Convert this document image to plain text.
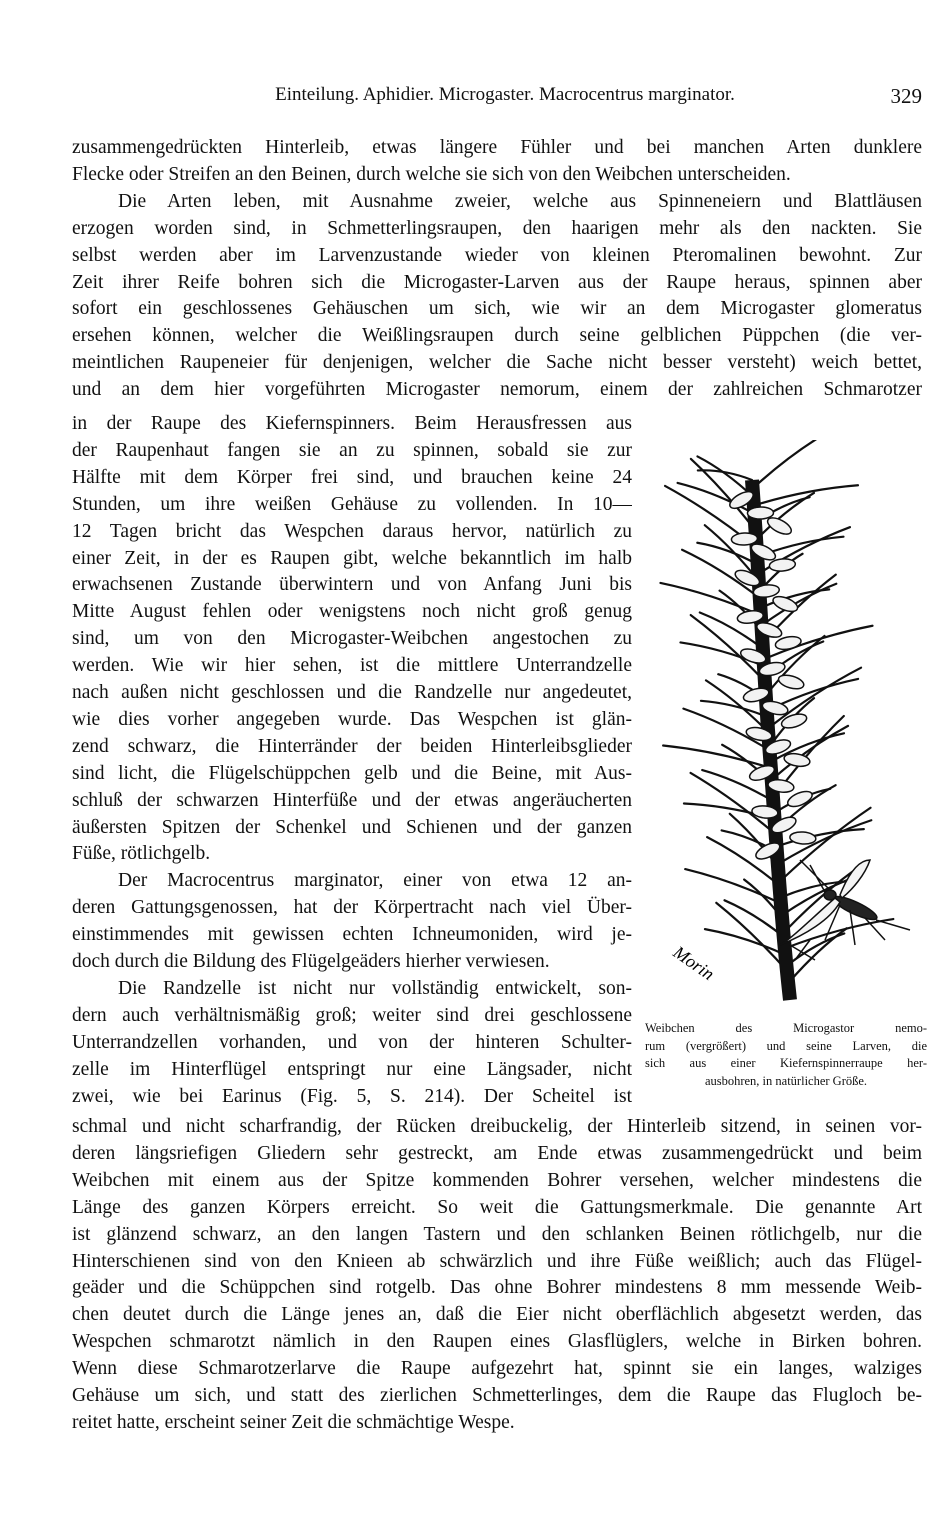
Einteilung. Aphidier. Microgaster. Macrocentrus marginator.	329
zusammengedrückten Hinterleib, etwas längere Fühler und bei manchen Arten dunklere
Flecke oder Streifen an den Beinen, durch welche sie sich von den Weibchen unterscheiden.
Die Arten leben, mit Ausnahme zweier, welche aus Spinneneiern und Blattläusen
erzogen worden sind, in Schmetterlingsraupen, den haarigen mehr als den nackten. Sie
selbst werden aber im Larvenzustande wieder von kleinen Pteromalinen bewohnt. Zur
Zeit ihrer Reife bohren sich die Microgaster-Larven aus der Raupe heraus, spinnen aber
sofort ein geschlossenes Gehäuschen um sich, wie wir an dem Microgaster glomeratus
ersehen können, welcher die Weißlingsraupen durch seine gelblichen Püppchen (die ver-
meintlichen Raupeneier für denjenigen, welcher die Sache nicht besser versteht) weich bettet,
und an dem hier vorgeführten Microgaster nemorum, einem der zahlreichen Schmarotzer
in der Raupe des Kiefernspinners. Beim Herausfressen aus
der Raupenhaut fangen sie an zu spinnen, sobald sie zur
Hälfte mit dem Körper frei sind, und brauchen keine 24
Stunden, um ihre weißen Gehäuse zu vollenden. In 10—
12 Tagen bricht das Wespchen daraus hervor, natürlich zu
einer Zeit, in der es Raupen gibt, welche bekanntlich im halb
erwachsenen Zustande überwintern und von Anfang Juni bis
Mitte August fehlen oder wenigstens noch nicht groß genug
sind, um von den Microgaster-Weibchen angestochen zu
werden. Wie wir hier sehen, ist die mittlere Unterrandzelle
nach außen nicht geschlossen und die Randzelle nur angedeutet,
wie dies vorher angegeben wurde. Das Wespchen ist glän-
zend schwarz, die Hinterränder der beiden Hinterleibsglieder
sind licht, die Flügelschüppchen gelb und die Beine, mit Aus-
schluß der schwarzen Hinterfüße und der etwas angeräucherten
äußersten Spitzen der Schenkel und Schienen und der ganzen
Füße, rötlichgelb.
Der Macrocentrus marginator, einer von etwa 12 an-
deren Gattungsgenossen, hat der Körpertracht nach viel Über-
einstimmendes mit gewissen echten Ichneumoniden, wird je-
doch durch die Bildung des Flügelgeäders hierher verwiesen.
Die Randzelle ist nicht nur vollständig entwickelt, son-
dern auch verhältnismäßig groß; weiter sind drei geschlossene
Unterrandzellen vorhanden, und von der hinteren Schulter-
zelle im Hinterflügel entspringt nur eine Längsader, nicht
zwei, wie bei Earinus (Fig. 5, S. 214). Der Scheitel ist
schmal und nicht scharfrandig, der Rücken dreibuckelig, der Hinterleib sitzend, in seinen vor-
deren längsriefigen Gliedern sehr gestreckt, am Ende etwas zusammengedrückt und beim
Weibchen mit einem aus der Spitze kommenden Bohrer versehen, welcher mindestens die
Länge des ganzen Körpers erreicht. So weit die Gattungsmerkmale. Die genannte Art
ist glänzend schwarz, an den langen Tastern und den schlanken Beinen rötlichgelb, nur die
Hinterschienen sind von den Knieen ab schwärzlich und ihre Füße weißlich; auch das Flügel-
geäder und die Schüppchen sind rotgelb. Das ohne Bohrer mindestens 8 mm messende Weib-
chen deutet durch die Länge jenes an, daß die Eier nicht oberflächlich abgesetzt werden, das
Wespchen schmarotzt nämlich in den Raupen eines Glasflüglers, welche in Birken bohren.
Wenn diese Schmarotzerlarve die Raupe aufgezehrt hat, spinnt sie ein langes, walziges
Gehäuse um sich, und statt des zierlichen Schmetterlinges, dem die Raupe das Flugloch be-
reitet hatte, erscheint seiner Zeit die schmächtige Wespe.
Morin
Weibchen des Microgastor nemo-
rum (vergrößert) und seine Larven, die
sich aus einer Kiefernspinnerraupe her-
ausbohren, in natürlicher Größe.
